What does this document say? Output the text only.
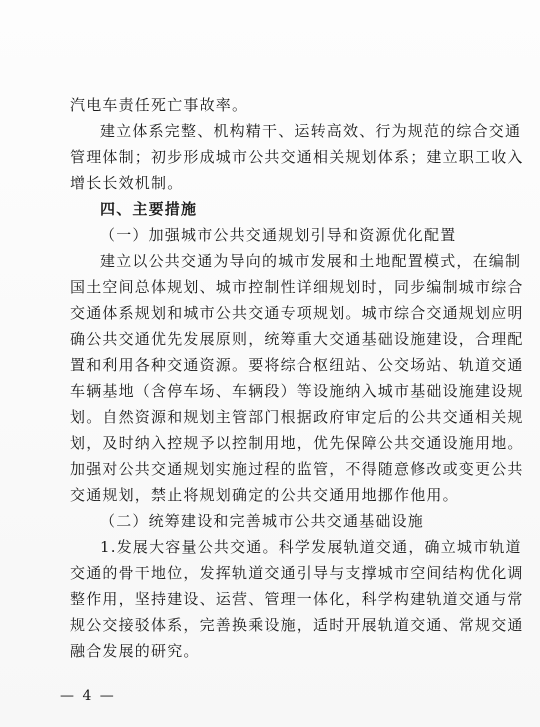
汽电车责任死亡事故率。
建立体系完整、机构精干、运转高效、行为规范的综合交通
管理体制；初步形成城市公共交通相关规划体系；建立职工收入
增长长效机制。
四、主要措施
（一）加强城市公共交通规划引导和资源优化配置
建立以公共交通为导向的城市发展和土地配置模式，在编制
国土空间总体规划、城市控制性详细规划时，同步编制城市综合
交通体系规划和城市公共交通专项规划。城市综合交通规划应明
确公共交通优先发展原则，统筹重大交通基础设施建设，合理配
置和利用各种交通资源。要将综合枢纽站、公交场站、轨道交通
车辆基地（含停车场、车辆段）等设施纳入城市基础设施建设规
划。自然资源和规划主管部门根据政府审定后的公共交通相关规
划，及时纳入控规予以控制用地，优先保障公共交通设施用地。
加强对公共交通规划实施过程的监管，不得随意修改或变更公共
交通规划，禁止将规划确定的公共交通用地挪作他用。
（二）统筹建设和完善城市公共交通基础设施
1.发展大容量公共交通。科学发展轨道交通，确立城市轨道
交通的骨干地位，发挥轨道交通引导与支撑城市空间结构优化调
整作用，坚持建设、运营、管理一体化，科学构建轨道交通与常
规公交接驳体系，完善换乘设施，适时开展轨道交通、常规交通
融合发展的研究。
— 4 —
